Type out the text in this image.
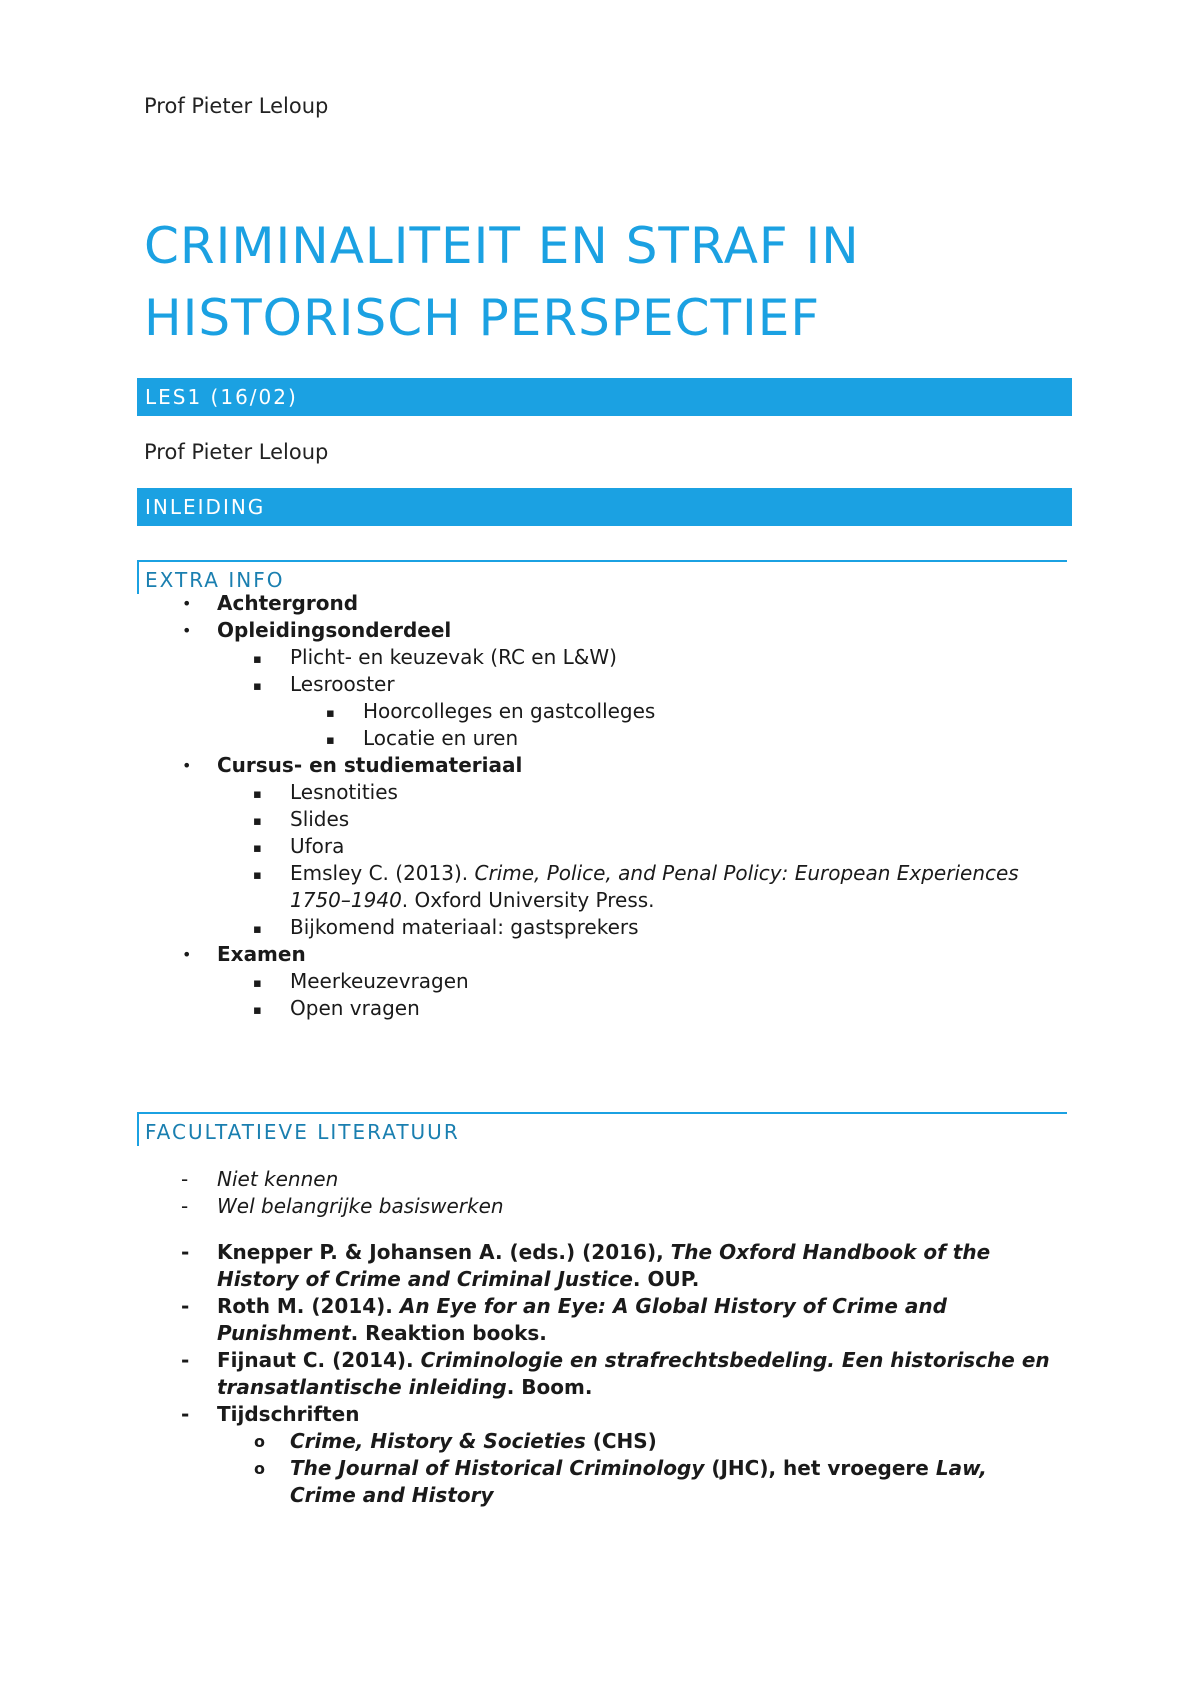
Prof Pieter Leloup
CRIMINALITEIT EN STRAF IN
HISTORISCH PERSPECTIEF
LES1 (16/02)
Prof Pieter Leloup
INLEIDING
EXTRA INFO
• Achtergrond
• Opleidingsonderdeel
▪ Plicht- en keuzevak (RC en L&W)
▪ Lesrooster
▪ Hoorcolleges en gastcolleges
▪ Locatie en uren
• Cursus- en studiemateriaal
▪ Lesnotities
▪ Slides
▪ Ufora
▪ Emsley C. (2013). Crime, Police, and Penal Policy: European Experiences
1750–1940. Oxford University Press.
▪ Bijkomend materiaal: gastsprekers
• Examen
▪ Meerkeuzevragen
▪ Open vragen
FACULTATIEVE LITERATUUR
- Niet kennen
- Wel belangrijke basiswerken
- Knepper P. & Johansen A. (eds.) (2016), The Oxford Handbook of the
History of Crime and Criminal Justice. OUP.
- Roth M. (2014). An Eye for an Eye: A Global History of Crime and
Punishment. Reaktion books.
- Fijnaut C. (2014). Criminologie en strafrechtsbedeling. Een historische en
transatlantische inleiding. Boom.
- Tijdschriften
o Crime, History & Societies (CHS)
o The Journal of Historical Criminology (JHC), het vroegere Law,
Crime and History
